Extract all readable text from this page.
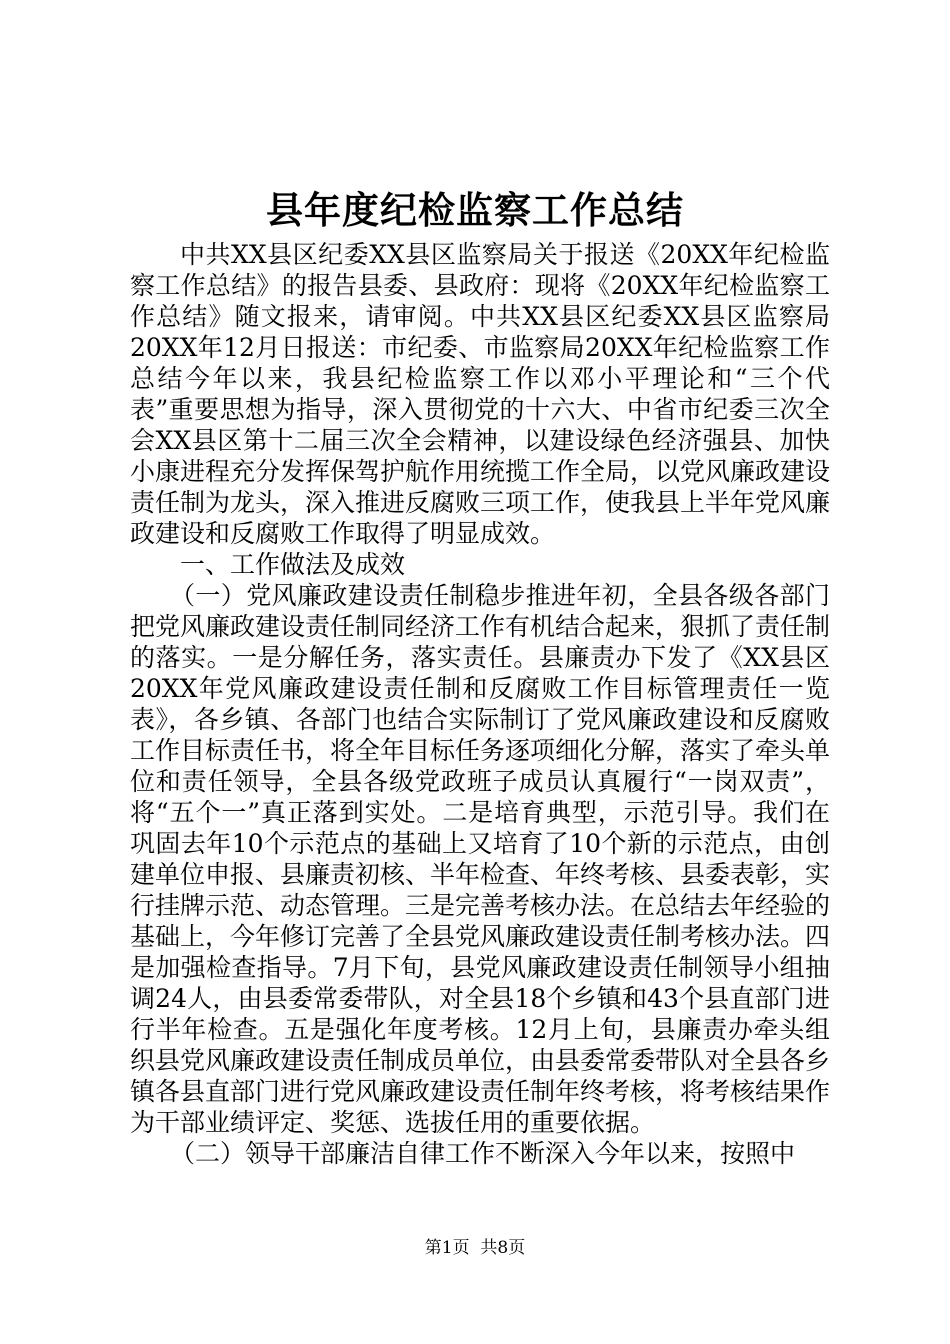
县年度纪检监察工作总结

中共XX县区纪委XX县区监察局关于报送《20XX年纪检监察工作总结》的报告县委、县政府：现将《20XX年纪检监察工作总结》随文报来，请审阅。中共XX县区纪委XX县区监察局20XX年12月日报送：市纪委、市监察局20XX年纪检监察工作总结今年以来，我县纪检监察工作以邓小平理论和“三个代表”重要思想为指导，深入贯彻党的十六大、中省市纪委三次全会XX县区第十二届三次全会精神，以建设绿色经济强县、加快小康进程充分发挥保驾护航作用统揽工作全局，以党风廉政建设责任制为龙头，深入推进反腐败三项工作，使我县上半年党风廉政建设和反腐败工作取得了明显成效。

一、工作做法及成效

（一）党风廉政建设责任制稳步推进年初，全县各级各部门把党风廉政建设责任制同经济工作有机结合起来，狠抓了责任制的落实。一是分解任务，落实责任。县廉责办下发了《XX县区20XX年党风廉政建设责任制和反腐败工作目标管理责任一览表》，各乡镇、各部门也结合实际制订了党风廉政建设和反腐败工作目标责任书，将全年目标任务逐项细化分解，落实了牵头单位和责任领导，全县各级党政班子成员认真履行“一岗双责”，将“五个一”真正落到实处。二是培育典型，示范引导。我们在巩固去年10个示范点的基础上又培育了10个新的示范点，由创建单位申报、县廉责初核、半年检查、年终考核、县委表彰，实行挂牌示范、动态管理。三是完善考核办法。在总结去年经验的基础上，今年修订完善了全县党风廉政建设责任制考核办法。四是加强检查指导。7月下旬，县党风廉政建设责任制领导小组抽调24人，由县委常委带队，对全县18个乡镇和43个县直部门进行半年检查。五是强化年度考核。12月上旬，县廉责办牵头组织县党风廉政建设责任制成员单位，由县委常委带队对全县各乡镇各县直部门进行党风廉政建设责任制年终考核，将考核结果作为干部业绩评定、奖惩、选拔任用的重要依据。

（二）领导干部廉洁自律工作不断深入今年以来，按照中

第1页  共8页
